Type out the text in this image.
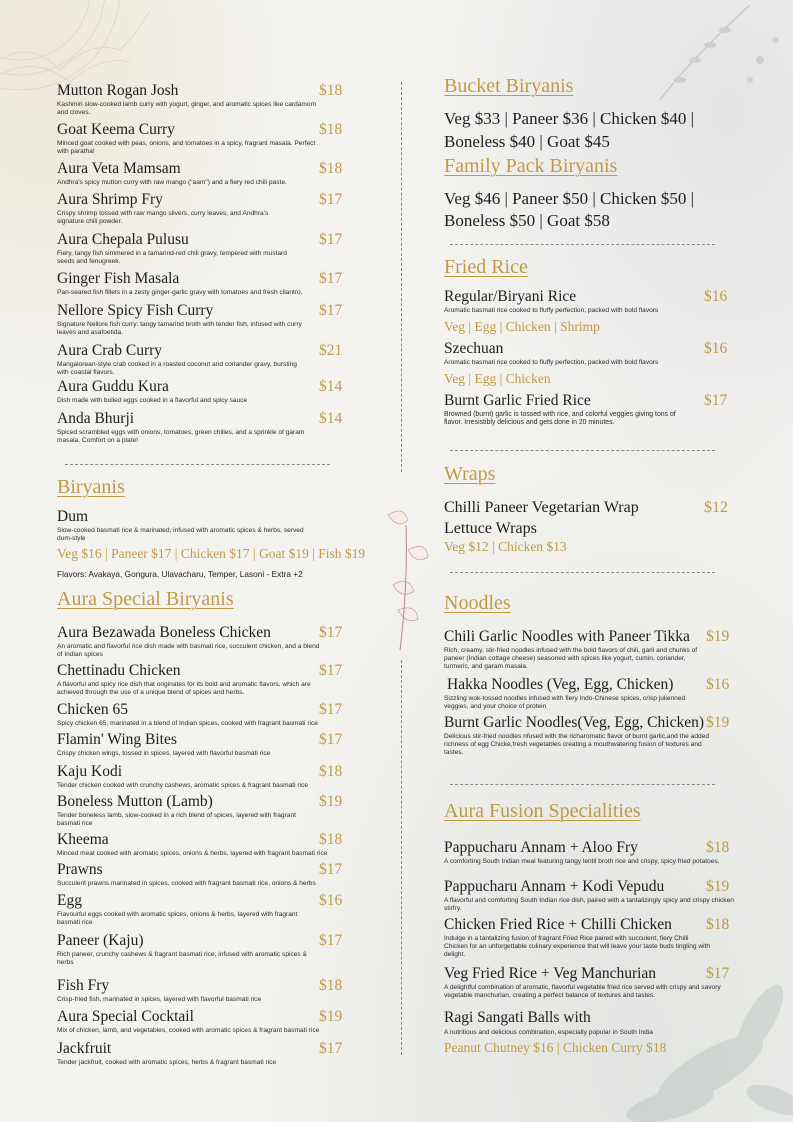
Mutton Rogan Josh	$18
Kashmiri slow-cooked lamb curry with yogurt, ginger, and aromatic spices like cardamom and cloves.
Goat Keema Curry	$18
Minced goat cooked with peas, onions, and tomatoes in a spicy, fragrant masala. Perfect with paratha!
Aura Veta Mamsam	$18
Andhra's spicy mutton curry with raw mango ("aam") and a fiery red chili paste.
Aura Shrimp Fry	$17
Crispy shrimp tossed with raw mango slivers, curry leaves, and Andhra's signature chili powder.
Aura Chepala Pulusu	$17
Fiery, tangy fish simmered in a tamarind-red chili gravy, tempered with mustard seeds and fenugreek.
Ginger Fish Masala	$17
Pan-seared fish fillets in a zesty ginger-garlic gravy with tomatoes and fresh cilantro.
Nellore Spicy Fish Curry	$17
Signature Nellore fish curry: tangy tamarind broth with tender fish, infused with curry leaves and asafoetida.
Aura Crab Curry	$21
Mangalorean-style crab cooked in a roasted coconut and coriander gravy, bursting with coastal flavors.
Aura Guddu Kura	$14
Dish made with boiled eggs cooked in a flavorful and spicy sauce
Anda Bhurji	$14
Spiced scrambled eggs with onions, tomatoes, green chilies, and a sprinkle of garam masala. Comfort on a plate!
Biryanis
Dum
Slow-cooked basmati rice & marinated, infused with aromatic spices & herbs, served dum-style
Veg $16 | Paneer $17 | Chicken $17 | Goat $19 | Fish $19
Flavors: Avakaya, Gongura, Ulavacharu, Temper, Lasoni - Extra +2
Aura Special Biryanis
Aura Bezawada Boneless Chicken	$17
An aromatic and flavorful rice dish made with basmati rice, succulent chicken, and a blend of Indian spices
Chettinadu Chicken	$17
A flavorful and spicy rice dish that originates for its bold and aromatic flavors, which are achieved through the use of a unique blend of spices and herbs.
Chicken 65	$17
Spicy chicken 65, marinated in a blend of Indian spices, cooked with fragrant basmati rice
Flamin' Wing Bites	$17
Crispy chicken wings, tossed in spices, layered with flavorful basmati rice
Kaju Kodi	$18
Tender chicken cooked with crunchy cashews, aromatic spices & fragrant basmati rice
Boneless Mutton (Lamb)	$19
Tender boneless lamb, slow-cooked in a rich blend of spices, layered with fragrant basmati rice
Kheema	$18
Minced meat cooked with aromatic spices, onions & herbs, layered with fragrant basmati rice
Prawns	$17
Succulent prawns marinated in spices, cooked with fragrant basmati rice, onions & herbs
Egg	$16
Flavourful eggs cooked with aromatic spices, onions & herbs, layered with fragrant basmati rice
Paneer (Kaju)	$17
Rich paneer, crunchy cashews & fragrant basmati rice, infused with aromatic spices & herbs
Fish Fry	$18
Crisp-fried fish, marinated in spices, layered with flavorful basmati rice
Aura Special Cocktail	$19
Mix of chicken, lamb, and vegetables, cooked with aromatic spices & fragrant basmati rice
Jackfruit	$17
Tender jackfruit, cooked with aromatic spices, herbs & fragrant basmati rice
Bucket Biryanis
Veg $33 | Paneer $36 | Chicken $40 |
Boneless $40 | Goat $45
Family Pack Biryanis
Veg $46 | Paneer $50 | Chicken $50 |
Boneless $50 | Goat $58
Fried Rice
Regular/Biryani Rice	$16
Aromatic basmati rice cooked to fluffy perfection, packed with bold flavors
Veg | Egg | Chicken | Shrimp
Szechuan	$16
Aromatic basmati rice cooked to fluffy perfection, packed with bold flavors
Veg | Egg | Chicken
Burnt Garlic Fried Rice	$17
Browned (burnt) garlic is tossed with rice, and colorful veggies giving tons of flavor. Irresistibly delicious and gets done in 20 minutes.
Wraps
Chilli Paneer Vegetarian Wrap	$12
Lettuce Wraps
Veg $12 | Chicken $13
Noodles
Chili Garlic Noodles with Paneer Tikka	$19
Rich, creamy, stir-fried noodles infused with the bold flavors of chili, garli and chunks of paneer (Indian cottage cheese) seasoned with spices like yogurt, cumin, coriander, turmeric, and garam masala.
Hakka Noodles (Veg, Egg, Chicken)	$16
Sizzling wok-tossed noodles infused with fiery Indo-Chinese spices, crisp julienned veggies, and your choice of protein
Burnt Garlic Noodles(Veg, Egg, Chicken) $19
Delicious stir-fried noodles nfused with the richaromatic flavor of burnt garlic,and the added richness of egg Chicke,fresh vegetables creating a mouthwatering fusion of textures and tastes.
Aura Fusion Specialities
Pappucharu Annam + Aloo Fry	$18
A comforting South Indian meal featuring tangy lentil broth rice and crispy, spicy fried potatoes.
Pappucharu Annam + Kodi Vepudu	$19
A flavorful and comforting South Indian rice dish, paired with a tantalizingly spicy and crispy chicken stirfry.
Chicken Fried Rice + Chilli Chicken	$18
Indulge in a tantalizing fusion of fragrant Fried Rice paired with succulent, fiery Chilli Chicken for an unforgettable culinary experience that will leave your taste buds tingling with delight.
Veg Fried Rice + Veg Manchurian	$17
A delightful combination of aromatic, flavorful vegetable fried rice served with crispy and savory vegetable manchurian, creating a perfect balance of textures and tastes.
Ragi Sangati Balls with
A nutritious and delicious combination, especially popular in South India
Peanut Chutney $16 | Chicken Curry $18
